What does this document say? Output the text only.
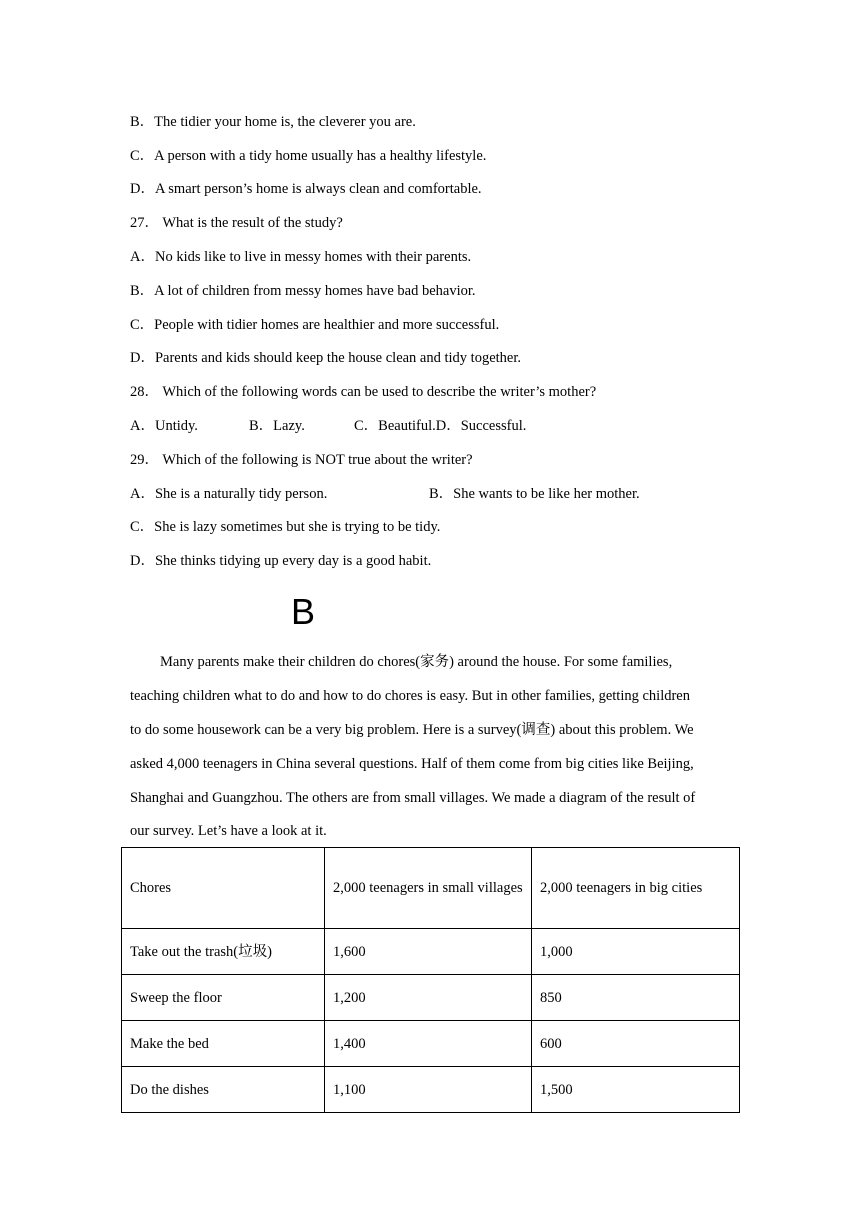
B．The tidier your home is, the cleverer you are.
C．A person with a tidy home usually has a healthy lifestyle.
D．A smart person’s home is always clean and comfortable.
27． What is the result of the study?
A．No kids like to live in messy homes with their parents.
B．A lot of children from messy homes have bad behavior.
C．People with tidier homes are healthier and more successful.
D．Parents and kids should keep the house clean and tidy together.
28． Which of the following words can be used to describe the writer’s mother?
A．Untidy.	B．Lazy.	C．Beautiful.D．Successful.
29． Which of the following is NOT true about the writer?
A．She is a naturally tidy person.	B．She wants to be like her mother.
C．She is lazy sometimes but she is trying to be tidy.
D．She thinks tidying up every day is a good habit.
B
Many parents make their children do chores(家务) around the house. For some families,
teaching children what to do and how to do chores is easy. But in other families, getting children
to do some housework can be a very big problem. Here is a survey(调查) about this problem. We
asked 4,000 teenagers in China several questions. Half of them come from big cities like Beijing,
Shanghai and Guangzhou. The others are from small villages. We made a diagram of the result of
our survey. Let’s have a look at it.
Chores	2,000 teenagers in small villages	2,000 teenagers in big cities
Take out the trash(垃圾)	1,600	1,000
Sweep the floor	1,200	850
Make the bed	1,400	600
Do the dishes	1,100	1,500
